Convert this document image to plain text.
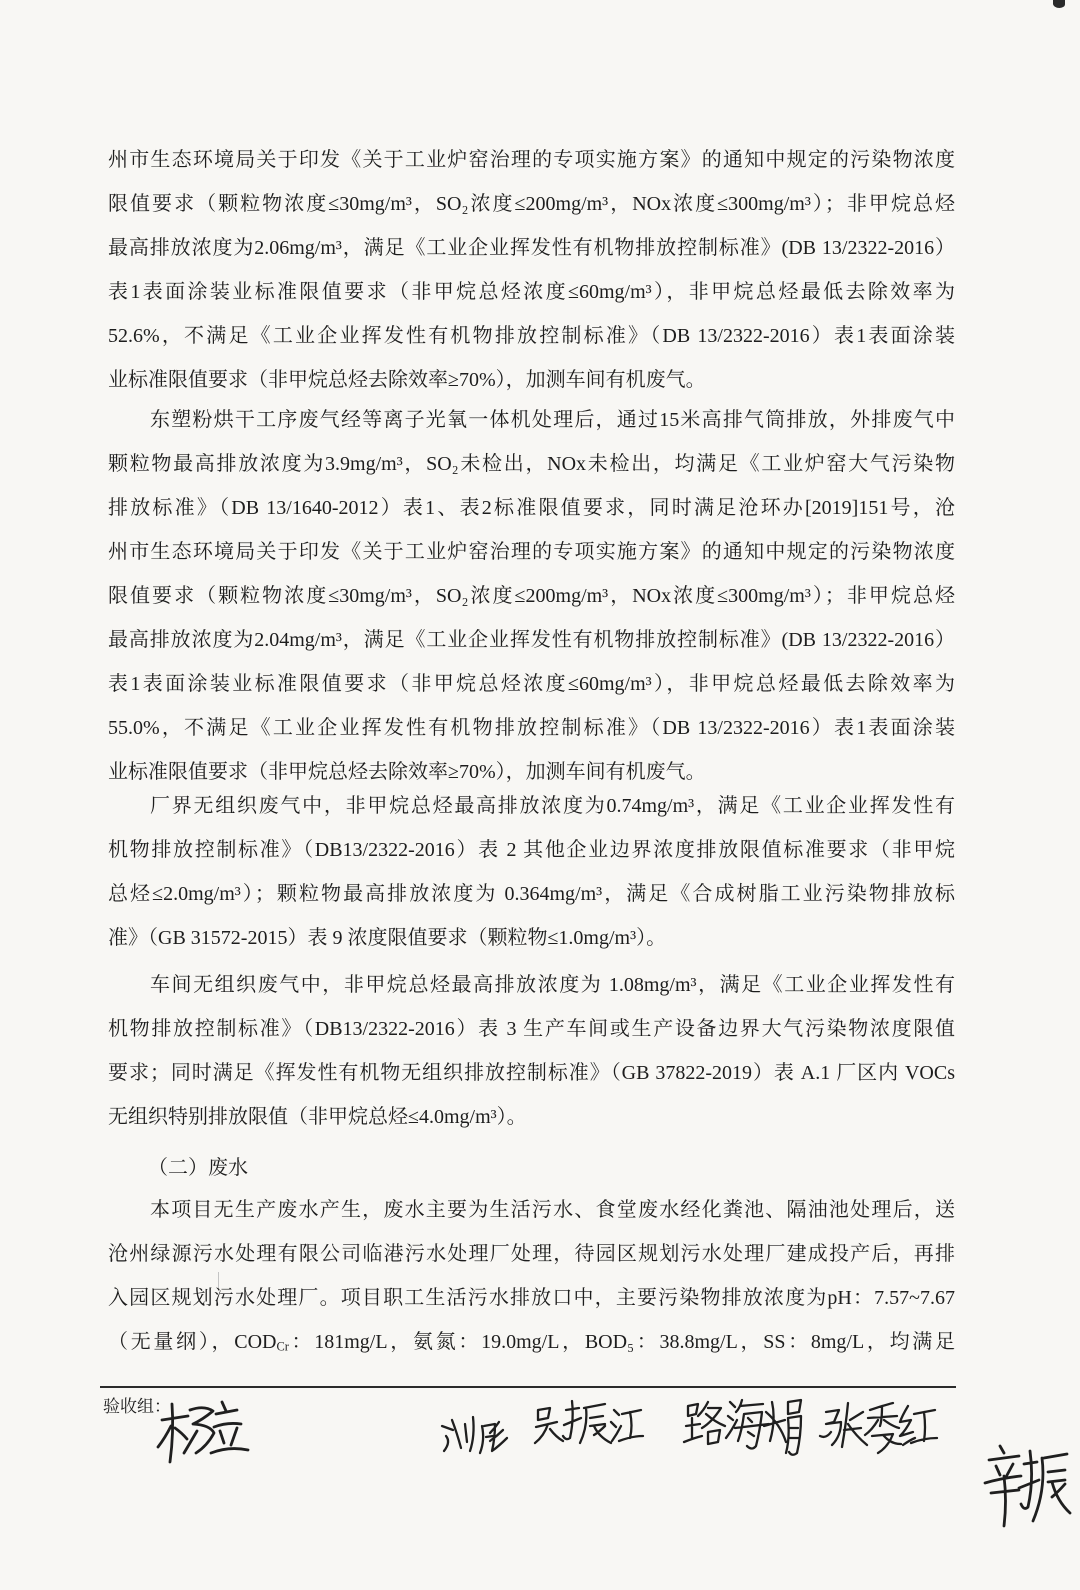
州市生态环境局关于印发《关于工业炉窑治理的专项实施方案》的通知中规定的污染物浓度
限值要求（颗粒物浓度≤30mg/m³，SO₂浓度≤200mg/m³，NOx浓度≤300mg/m³）；非甲烷总烃
最高排放浓度为2.06mg/m³，满足《工业企业挥发性有机物排放控制标准》(DB 13/2322-2016）
表1表面涂装业标准限值要求（非甲烷总烃浓度≤60mg/m³），非甲烷总烃最低去除效率为
52.6%，不满足《工业企业挥发性有机物排放控制标准》（DB 13/2322-2016）表1表面涂装
业标准限值要求（非甲烷总烃去除效率≥70%），加测车间有机废气。
东塑粉烘干工序废气经等离子光氧一体机处理后，通过15米高排气筒排放，外排废气中
颗粒物最高排放浓度为3.9mg/m³，SO₂未检出，NOx未检出，均满足《工业炉窑大气污染物
排放标准》（DB 13/1640-2012）表1、表2标准限值要求，同时满足沧环办[2019]151号，沧
州市生态环境局关于印发《关于工业炉窑治理的专项实施方案》的通知中规定的污染物浓度
限值要求（颗粒物浓度≤30mg/m³，SO₂浓度≤200mg/m³，NOx浓度≤300mg/m³）；非甲烷总烃
最高排放浓度为2.04mg/m³，满足《工业企业挥发性有机物排放控制标准》(DB 13/2322-2016）
表1表面涂装业标准限值要求（非甲烷总烃浓度≤60mg/m³），非甲烷总烃最低去除效率为
55.0%，不满足《工业企业挥发性有机物排放控制标准》（DB 13/2322-2016）表1表面涂装
业标准限值要求（非甲烷总烃去除效率≥70%），加测车间有机废气。
厂界无组织废气中，非甲烷总烃最高排放浓度为0.74mg/m³，满足《工业企业挥发性有
机物排放控制标准》（DB13/2322-2016）表 2 其他企业边界浓度排放限值标准要求（非甲烷
总烃≤2.0mg/m³）；颗粒物最高排放浓度为 0.364mg/m³，满足《合成树脂工业污染物排放标
准》（GB 31572-2015）表 9 浓度限值要求（颗粒物≤1.0mg/m³）。
车间无组织废气中，非甲烷总烃最高排放浓度为 1.08mg/m³，满足《工业企业挥发性有
机物排放控制标准》（DB13/2322-2016）表 3 生产车间或生产设备边界大气污染物浓度限值
要求；同时满足《挥发性有机物无组织排放控制标准》（GB 37822-2019）表 A.1 厂区内 VOCs
无组织特别排放限值（非甲烷总烃≤4.0mg/m³）。
（二）废水
本项目无生产废水产生，废水主要为生活污水、食堂废水经化粪池、隔油池处理后，送
沧州绿源污水处理有限公司临港污水处理厂处理，待园区规划污水处理厂建成投产后，再排
入园区规划污水处理厂。项目职工生活污水排放口中，主要污染物排放浓度为pH：7.57~7.67
（无量纲），$COD_{Cr}$：181mg/L，氨氮：19.0mg/L，BOD₅：38.8mg/L，SS：8mg/L，均满足
验收组：
